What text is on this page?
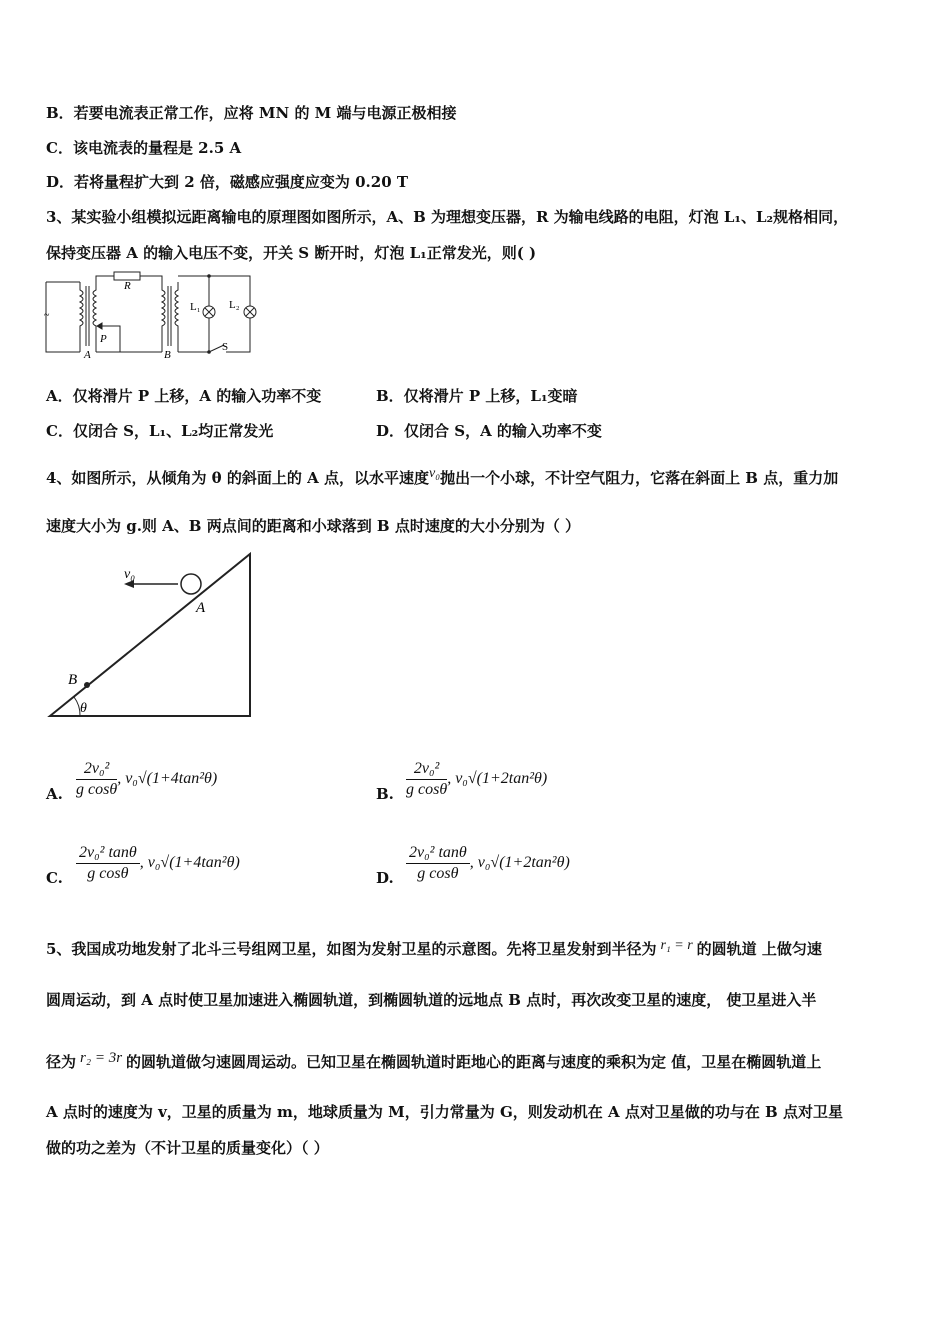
B．若要电流表正常工作，应将 MN 的 M 端与电源正极相接
C．该电流表的量程是 2.5 A
D．若将量程扩大到 2 倍，磁感应强度应变为 0.20 T
3、某实验小组模拟远距离输电的原理图如图所示，A、B 为理想变压器，R 为输电线路的电阻，灯泡 L₁、L₂规格相同，
保持变压器 A 的输入电压不变，开关 S 断开时，灯泡 L₁正常发光，则( )
~
R
A
P
B
L₁	L₂
S
A．仅将滑片 P 上移，A 的输入功率不变	B．仅将滑片 P 上移，L₁变暗
C．仅闭合 S，L₁、L₂均正常发光	D．仅闭合 S，A 的输入功率不变
4、如图所示，从倾角为 θ 的斜面上的 A 点，以水平速度v₀抛出一个小球，不计空气阻力，它落在斜面上 B 点，重力加
速度大小为 g.则 A、B 两点间的距离和小球落到 B 点时速度的大小分别为（ ）
v₀
A
B
θ
A. $\frac{\text{2v₀²}}{\text{g cosθ}}$ , v₀√(1+4tan²θ)
B. $\frac{\text{2v₀²}}{\text{g cosθ}}$ , v₀√(1+2tan²θ)
C. $\frac{\text{2v₀² tanθ}}{\text{g cosθ}}$ , v₀√(1+4tan²θ)
D. $\frac{\text{2v₀² tanθ}}{\text{g cosθ}}$ , v₀√(1+2tan²θ)
5、我国成功地发射了北斗三号组网卫星，如图为发射卫星的示意图。先将卫星发射到半径为 r₁ = r 的圆轨道 上做匀速
圆周运动，到 A 点时使卫星加速进入椭圆轨道，到椭圆轨道的远地点 B 点时，再次改变卫星的速度， 使卫星进入半
径为 r₂ = 3r 的圆轨道做匀速圆周运动。已知卫星在椭圆轨道时距地心的距离与速度的乘积为定 值，卫星在椭圆轨道上
A 点时的速度为 v，卫星的质量为 m，地球质量为 M，引力常量为 G，则发动机在 A 点对卫星做的功与在 B 点对卫星
做的功之差为（不计卫星的质量变化）（ ）
